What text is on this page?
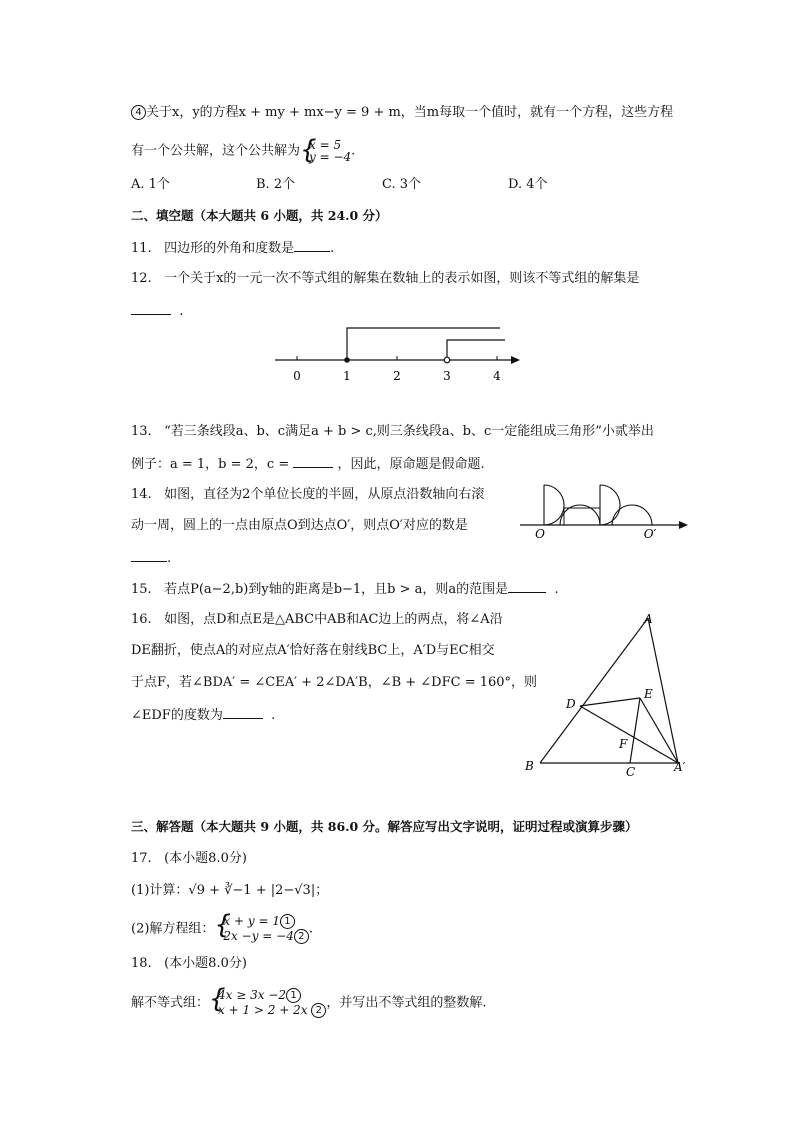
4 关于x，y的方程x + my + mx−y = 9 + m，当m每取一个值时，就有一个方程，这些方程
有一个公共解，这个公共解为 {
x = 5
y = −4.
A. 1个	B. 2个	C. 3个	D. 4个
二、填空题（本大题共 6 小题，共 24.0 分）
11. 四边形的外角和度数是	.
12. 一个关于x的一元一次不等式组的解集在数轴上的表示如图，则该不等式组的解集是
.
0	1	2	3	4
13. “若三条线段a、b、c满足a + b > c,则三条线段a、b、c一定能组成三角形”小贰举出
例子：a = 1，b = 2，c =	，因此，原命题是假命题.
14. 如图，直径为2个单位长度的半圆，从原点沿数轴向右滚
动一周，圆上的一点由原点O到达点O′，则点O′对应的数是
.
O	O′
15. 若点P(a−2,b)到y轴的距离是b−1，且b > a，则a的范围是	.
16. 如图，点D和点E是△ABC中AB和AC边上的两点，将∠A沿
DE翻折，使点A的对应点A′恰好落在射线BC上，A′D与EC相交
于点F，若∠BDA′ = ∠CEA′ + 2∠DA′B，∠B + ∠DFC = 160°，则
∠EDF的度数为	.
A
B	C
D
E
F
A′
三、解答题（本大题共 9 小题，共 86.0 分。解答应写出文字说明，证明过程或演算步骤）
17. (本小题8.0分)
(1)计算：√9 + ∛−1 + |2−√3|；
(2)解方程组： {
x + y = 1 1
2x −y = −4 2 .
18. (本小题8.0分)
解不等式组： {
4x ≥ 3x −2 1
x + 1 > 2 + 2x 2 ，并写出不等式组的整数解.
